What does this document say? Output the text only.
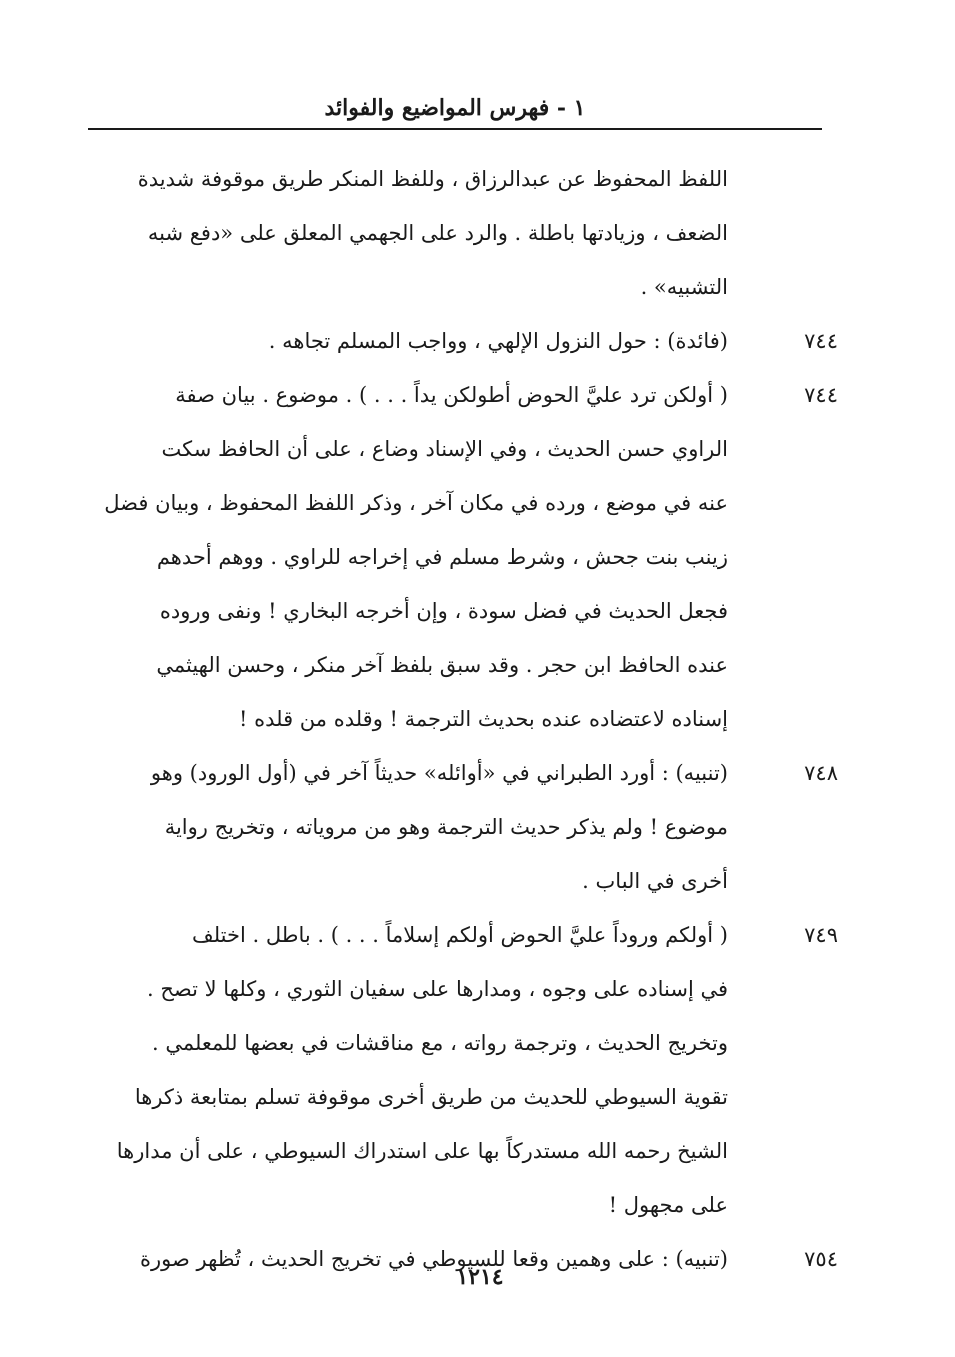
١ - فهرس المواضيع والفوائد
اللفظ المحفوظ عن عبدالرزاق ، وللفظ المنكر طريق موقوفة شديدة
الضعف ، وزيادتها باطلة . والرد على الجهمي المعلق على «دفع شبه
التشبيه» .
٧٤٤
(فائدة) : حول النزول الإلهي ، وواجب المسلم تجاهه .
٧٤٤
( أولكن ترد عليَّ الحوض أطولكن يداً . . . ) . موضوع . بيان صفة
الراوي حسن الحديث ، وفي الإسناد وضاع ، على أن الحافظ سكت
عنه في موضع ، ورده في مكان آخر ، وذكر اللفظ المحفوظ ، وبيان فضل
زينب بنت جحش ، وشرط مسلم في إخراجه للراوي . ووهم أحدهم
فجعل الحديث في فضل سودة ، وإن أخرجه البخاري ! ونفى وروده
عنده الحافظ ابن حجر . وقد سبق بلفظ آخر منكر ، وحسن الهيثمي
إسناده لاعتضاده عنده بحديث الترجمة ! وقلده من قلده !
٧٤٨
(تنبيه) : أورد الطبراني في «أوائله» حديثاً آخر في (أول الورود) وهو
موضوع ! ولم يذكر حديث الترجمة وهو من مروياته ، وتخريج رواية
أخرى في الباب .
٧٤٩
( أولكم وروداً عليَّ الحوض أولكم إسلاماً . . . ) . باطل . اختلف
في إسناده على وجوه ، ومدارها على سفيان الثوري ، وكلها لا تصح .
وتخريج الحديث ، وترجمة رواته ، مع مناقشات في بعضها للمعلمي .
تقوية السيوطي للحديث من طريق أخرى موقوفة تسلم بمتابعة ذكرها
الشيخ رحمه الله مستدركاً بها على استدراك السيوطي ، على أن مدارها
على مجهول !
٧٥٤
(تنبيه) : على وهمين وقعا للسيوطي في تخريج الحديث ، تُظهر صورة
١٢١٤
